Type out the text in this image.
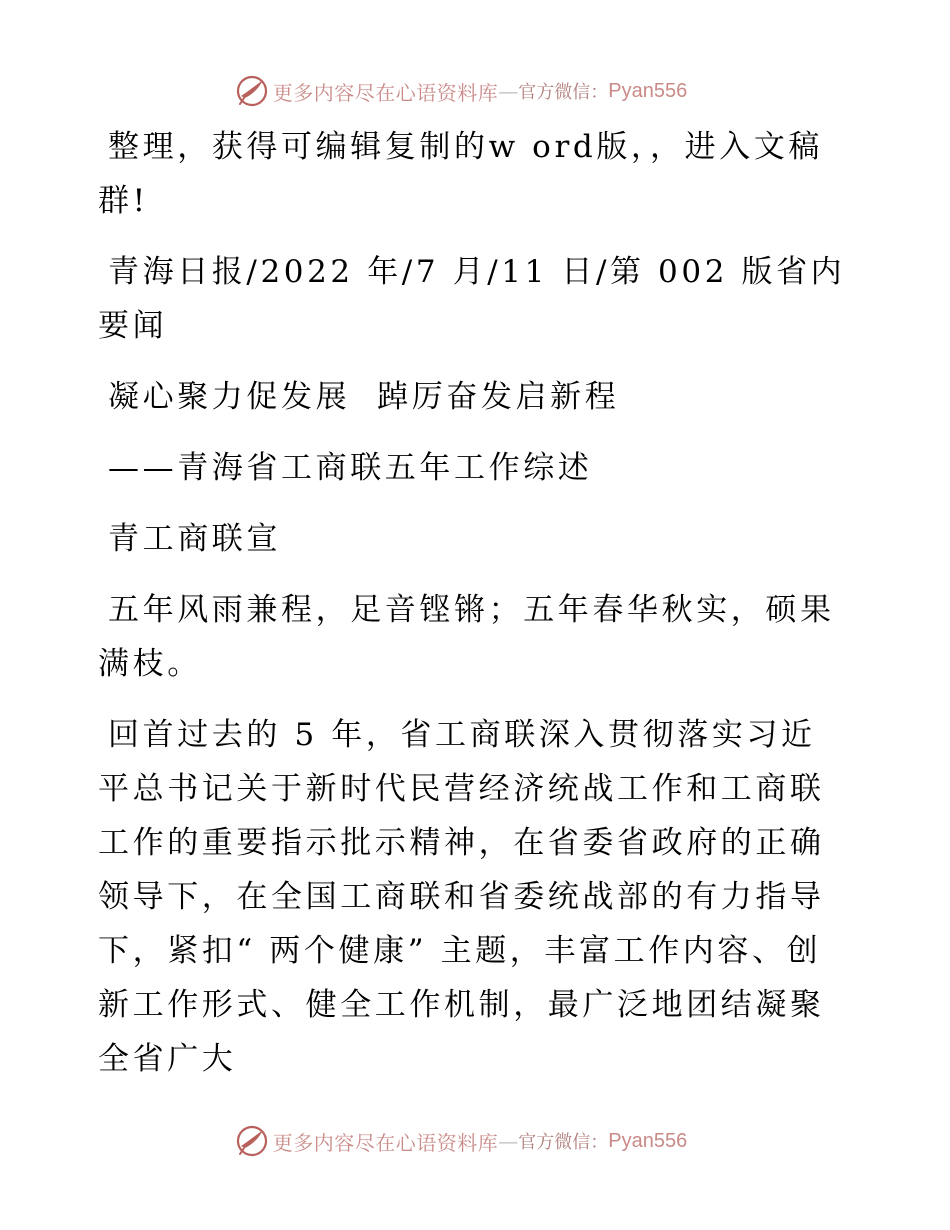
更多内容尽在心语资料库 — 官方微信： Pyan556

整理，获得可编辑复制的w ord版，，进入文稿群!

青海日报/2022 年/7 月/11 日/第 002 版省内要闻

凝心聚力促发展  踔厉奋发启新程

——青海省工商联五年工作综述

青工商联宣

五年风雨兼程，足音铿锵；五年春华秋实，硕果满枝。

回首过去的 5 年，省工商联深入贯彻落实习近平总书记关于新时代民营经济统战工作和工商联工作的重要指示批示精神，在省委省政府的正确领导下，在全国工商联和省委统战部的有力指导下，紧扣“ 两个健康” 主题，丰富工作内容、创新工作形式、健全工作机制，最广泛地团结凝聚全省广大

更多内容尽在心语资料库 — 官方微信： Pyan556
